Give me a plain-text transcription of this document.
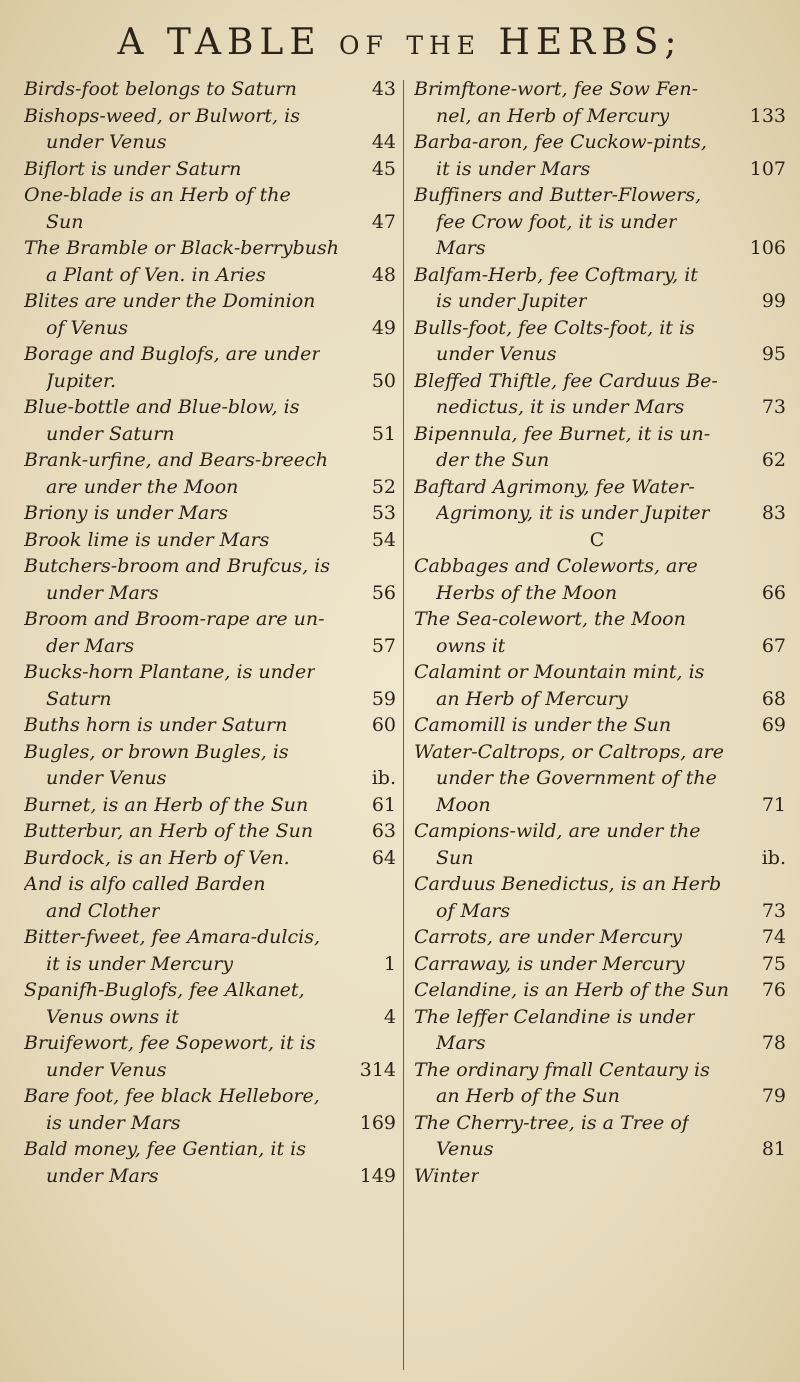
A TABLE of the HERBS;
Birds-foot belongs to Saturn	43
Bishops-weed, or Bulwort, is
under Venus	44
Biflort is under Saturn	45
One-blade is an Herb of the
Sun	47
The Bramble or Black-berrybush
a Plant of Ven. in Aries	48
Blites are under the Dominion
of Venus	49
Borage and Buglofs, are under
Jupiter.	50
Blue-bottle and Blue-blow, is
under Saturn	51
Brank-urfine, and Bears-breech
are under the Moon	52
Briony is under Mars	53
Brook lime is under Mars	54
Butchers-broom and Brufcus, is
under Mars	56
Broom and Broom-rape are un-
der Mars	57
Bucks-horn Plantane, is under
Saturn	59
Buths horn is under Saturn	60
Bugles, or brown Bugles, is
under Venus	ib.
Burnet, is an Herb of the Sun	61
Butterbur, an Herb of the Sun	63
Burdock, is an Herb of Ven.	64
And is alfo called Barden
and Clother
Bitter-fweet, fee Amara-dulcis,
it is under Mercury	1
Spanifh-Buglofs, fee Alkanet,
Venus owns it	4
Bruifewort, fee Sopewort, it is
under Venus	314
Bare foot, fee black Hellebore,
is under Mars	169
Bald money, fee Gentian, it is
under Mars	149
Brimftone-wort, fee Sow Fen-
nel, an Herb of Mercury	133
Barba-aron, fee Cuckow-pints,
it is under Mars	107
Buffiners and Butter-Flowers,
fee Crow foot, it is under
Mars	106
Balfam-Herb, fee Coftmary, it
is under Jupiter	99
Bulls-foot, fee Colts-foot, it is
under Venus	95
Bleffed Thiftle, fee Carduus Be-
nedictus, it is under Mars	73
Bipennula, fee Burnet, it is un-
der the Sun	62
Baftard Agrimony, fee Water-
Agrimony, it is under Jupiter	83
C
Cabbages and Coleworts, are
Herbs of the Moon	66
The Sea-colewort, the Moon
owns it	67
Calamint or Mountain mint, is
an Herb of Mercury	68
Camomill is under the Sun	69
Water-Caltrops, or Caltrops, are
under the Government of the
Moon	71
Campions-wild, are under the
Sun	ib.
Carduus Benedictus, is an Herb
of Mars	73
Carrots, are under Mercury	74
Carraway, is under Mercury	75
Celandine, is an Herb of the Sun	76
The leffer Celandine is under
Mars	78
The ordinary fmall Centaury is
an Herb of the Sun	79
The Cherry-tree, is a Tree of
Venus	81
Winter
